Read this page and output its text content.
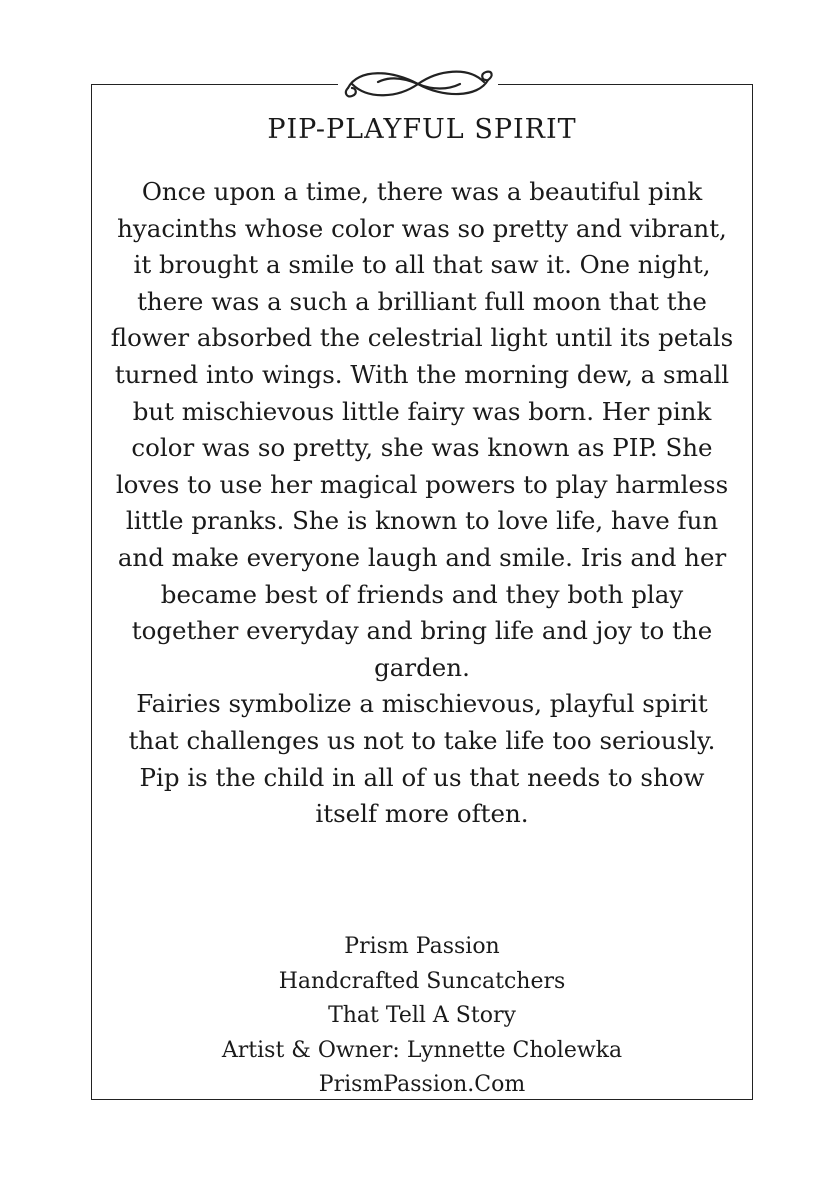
PIP-PLAYFUL SPIRIT

Once upon a time, there was a beautiful pink hyacinths whose color was so pretty and vibrant, it brought a smile to all that saw it. One night, there was a such a brilliant full moon that the flower absorbed the celestrial light until its petals turned into wings. With the morning dew, a small but mischievous little fairy was born. Her pink color was so pretty, she was known as PIP. She loves to use her magical powers to play harmless little pranks. She is known to love life, have fun and make everyone laugh and smile. Iris and her became best of friends and they both play together everyday and bring life and joy to the garden.

Fairies symbolize a mischievous, playful spirit that challenges us not to take life too seriously. Pip is the child in all of us that needs to show itself more often.

Prism Passion
Handcrafted Suncatchers
That Tell A Story
Artist & Owner: Lynnette Cholewka
PrismPassion.Com
